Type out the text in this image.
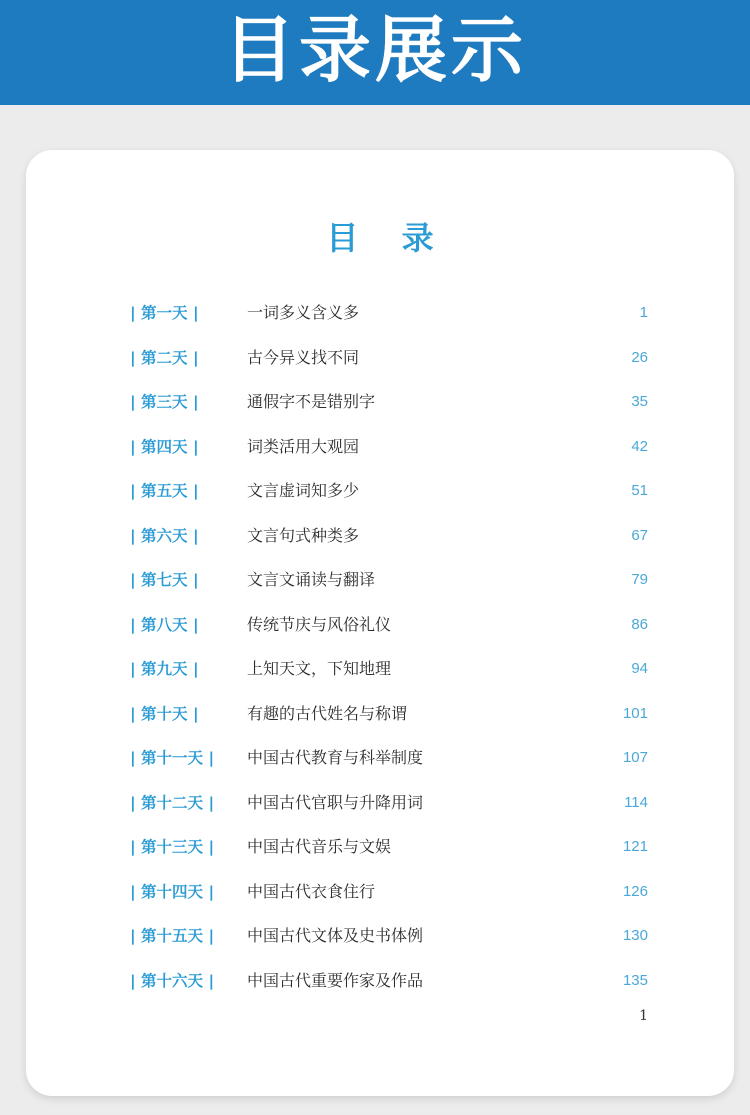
目录展示
目 录
| 第一天 |	一词多义含义多	1
| 第二天 |	古今异义找不同	26
| 第三天 |	通假字不是错别字	35
| 第四天 |	词类活用大观园	42
| 第五天 |	文言虚词知多少	51
| 第六天 |	文言句式种类多	67
| 第七天 |	文言文诵读与翻译	79
| 第八天 |	传统节庆与风俗礼仪	86
| 第九天 |	上知天文，下知地理	94
| 第十天 |	有趣的古代姓名与称谓	101
| 第十一天 | 中国古代教育与科举制度	107
| 第十二天 | 中国古代官职与升降用词	114
| 第十三天 | 中国古代音乐与文娱	121
| 第十四天 | 中国古代衣食住行	126
| 第十五天 | 中国古代文体及史书体例	130
| 第十六天 | 中国古代重要作家及作品	135
1
